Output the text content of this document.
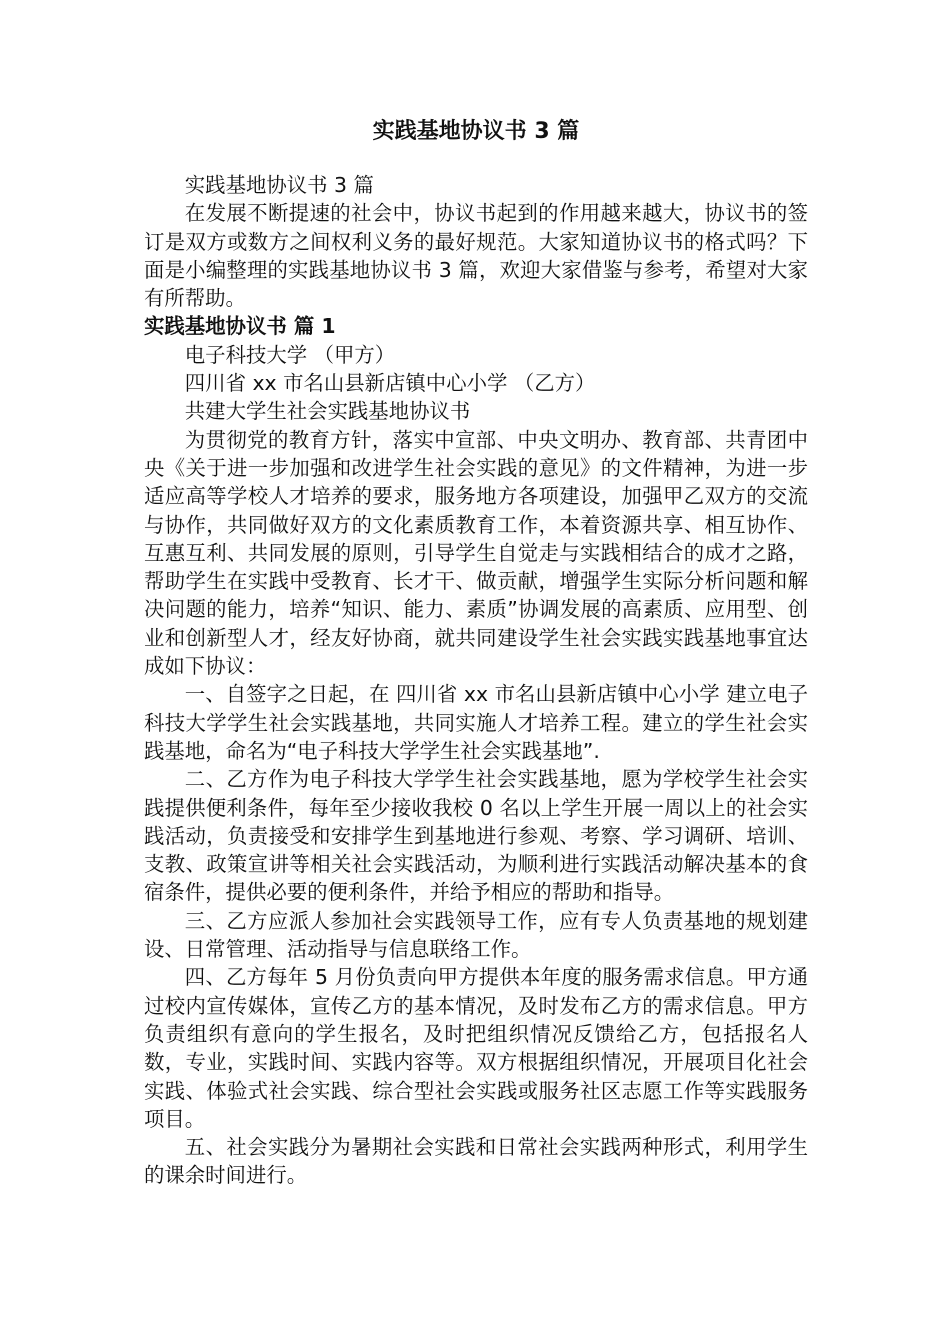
实践基地协议书 3 篇

实践基地协议书 3 篇

在发展不断提速的社会中，协议书起到的作用越来越大，协议书的签订是双方或数方之间权利义务的最好规范。大家知道协议书的格式吗？下面是小编整理的实践基地协议书 3 篇，欢迎大家借鉴与参考，希望对大家有所帮助。

实践基地协议书 篇 1

电子科技大学 （甲方）

四川省 xx 市名山县新店镇中心小学 （乙方）

共建大学生社会实践基地协议书

为贯彻党的教育方针，落实中宣部、中央文明办、教育部、共青团中央《关于进一步加强和改进学生社会实践的意见》的文件精神，为进一步适应高等学校人才培养的要求，服务地方各项建设，加强甲乙双方的交流与协作，共同做好双方的文化素质教育工作，本着资源共享、相互协作、互惠互利、共同发展的原则，引导学生自觉走与实践相结合的成才之路，帮助学生在实践中受教育、长才干、做贡献，增强学生实际分析问题和解决问题的能力，培养“知识、能力、素质”协调发展的高素质、应用型、创业和创新型人才，经友好协商，就共同建设学生社会实践实践基地事宜达成如下协议：

一、自签字之日起，在 四川省 xx 市名山县新店镇中心小学 建立电子科技大学学生社会实践基地，共同实施人才培养工程。建立的学生社会实践基地，命名为“电子科技大学学生社会实践基地”.

二、乙方作为电子科技大学学生社会实践基地，愿为学校学生社会实践提供便利条件，每年至少接收我校 0 名以上学生开展一周以上的社会实践活动，负责接受和安排学生到基地进行参观、考察、学习调研、培训、支教、政策宣讲等相关社会实践活动，为顺利进行实践活动解决基本的食宿条件，提供必要的便利条件，并给予相应的帮助和指导。

三、乙方应派人参加社会实践领导工作，应有专人负责基地的规划建设、日常管理、活动指导与信息联络工作。

四、乙方每年 5 月份负责向甲方提供本年度的服务需求信息。甲方通过校内宣传媒体，宣传乙方的基本情况，及时发布乙方的需求信息。甲方负责组织有意向的学生报名，及时把组织情况反馈给乙方，包括报名人数，专业，实践时间、实践内容等。双方根据组织情况，开展项目化社会实践、体验式社会实践、综合型社会实践或服务社区志愿工作等实践服务项目。

五、社会实践分为暑期社会实践和日常社会实践两种形式，利用学生的课余时间进行。
